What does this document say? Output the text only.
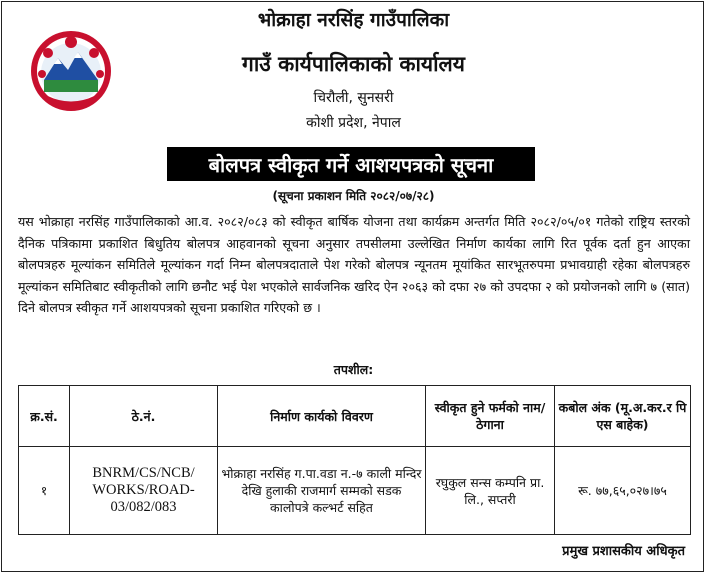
भोक्राहा नरसिंह गाउँपालिका
गाउँ कार्यपालिकाको कार्यालय
चिरौली, सुनसरी
कोशी प्रदेश, नेपाल
बोलपत्र स्वीकृत गर्ने आशयपत्रको सूचना
(सूचना प्रकाशन मिति २०८२/०७/२८)
यस भोक्राहा नरसिंह गाउँपालिकाको आ.व. २०८२/०८३ को स्वीकृत बार्षिक योजना तथा कार्यक्रम अन्तर्गत मिति २०८२/०५/०१ गतेको राष्ट्रिय स्तरको दैनिक पत्रिकामा प्रकाशित बिधुतिय बोलपत्र आहवानको सूचना अनुसार तपसीलमा उल्लेखित निर्माण कार्यका लागि रित पूर्वक दर्ता हुन आएका बोलपत्रहरु मूल्यांकन समितिले मूल्यांकन गर्दा निम्न बोलपत्रदाताले पेश गरेको बोलपत्र न्यूनतम मूयांकित सारभूतरुपमा प्रभावग्राही रहेका बोलपत्रहरु मूल्यांकन समितिबाट स्वीकृतीको लागि छनौट भई पेश भएकोले सार्वजनिक खरिद ऐन २०६३ को दफा २७ को उपदफा २ को प्रयोजनको लागि ७ (सात) दिने बोलपत्र स्वीकृत गर्ने आशयपत्रको सूचना प्रकाशित गरिएको छ ।
तपशील:
क्र.सं.	ठे.नं.	निर्माण कार्यको विवरण	स्वीकृत हुने फर्मको नाम/ठेगाना	कबोल अंक (मू.अ.कर.र पि एस बाहेक)
१	BNRM/CS/NCB/ WORKS/ROAD- 03/082/083	भोक्राहा नरसिंह ग.पा.वडा न.-७ काली मन्दिर देखि हुलाकी राजमार्ग सम्मको सडक कालोपत्रे कल्भर्ट सहित	रघुकुल सन्स कम्पनि प्रा. लि., सप्तरी	रू. ७७,६५,०२७।७५
प्रमुख प्रशासकीय अधिकृत
